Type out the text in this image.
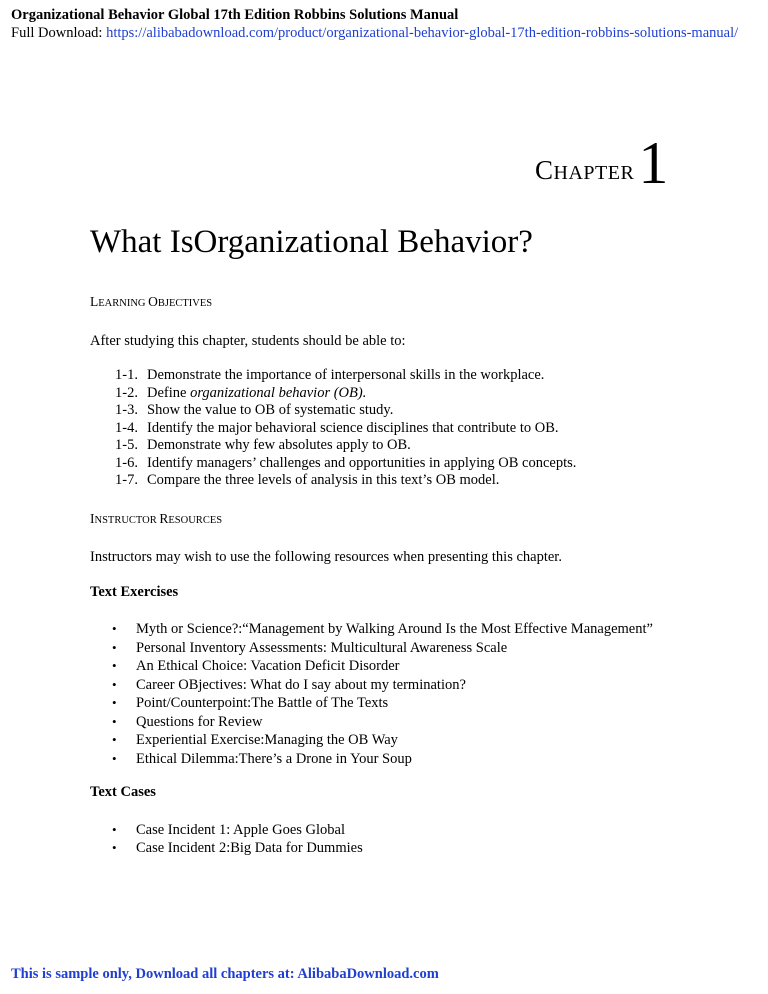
Organizational Behavior Global 17th Edition Robbins Solutions Manual
Full Download: https://alibabadownload.com/product/organizational-behavior-global-17th-edition-robbins-solutions-manual/
CHAPTER 1
What IsOrganizational Behavior?

LEARNING OBJECTIVES

After studying this chapter, students should be able to:

1-1. Demonstrate the importance of interpersonal skills in the workplace.
1-2. Define organizational behavior (OB).
1-3. Show the value to OB of systematic study.
1-4. Identify the major behavioral science disciplines that contribute to OB.
1-5. Demonstrate why few absolutes apply to OB.
1-6. Identify managers’ challenges and opportunities in applying OB concepts.
1-7. Compare the three levels of analysis in this text’s OB model.

INSTRUCTOR RESOURCES

Instructors may wish to use the following resources when presenting this chapter.

Text Exercises

•	Myth or Science?:“Management by Walking Around Is the Most Effective Management”
•	Personal Inventory Assessments: Multicultural Awareness Scale
•	An Ethical Choice: Vacation Deficit Disorder
•	Career OBjectives: What do I say about my termination?
•	Point/Counterpoint:The Battle of The Texts
•	Questions for Review
•	Experiential Exercise:Managing the OB Way
•	Ethical Dilemma:There’s a Drone in Your Soup

Text Cases

•	Case Incident 1: Apple Goes Global
•	Case Incident 2:Big Data for Dummies
This is sample only, Download all chapters at: AlibabaDownload.com
